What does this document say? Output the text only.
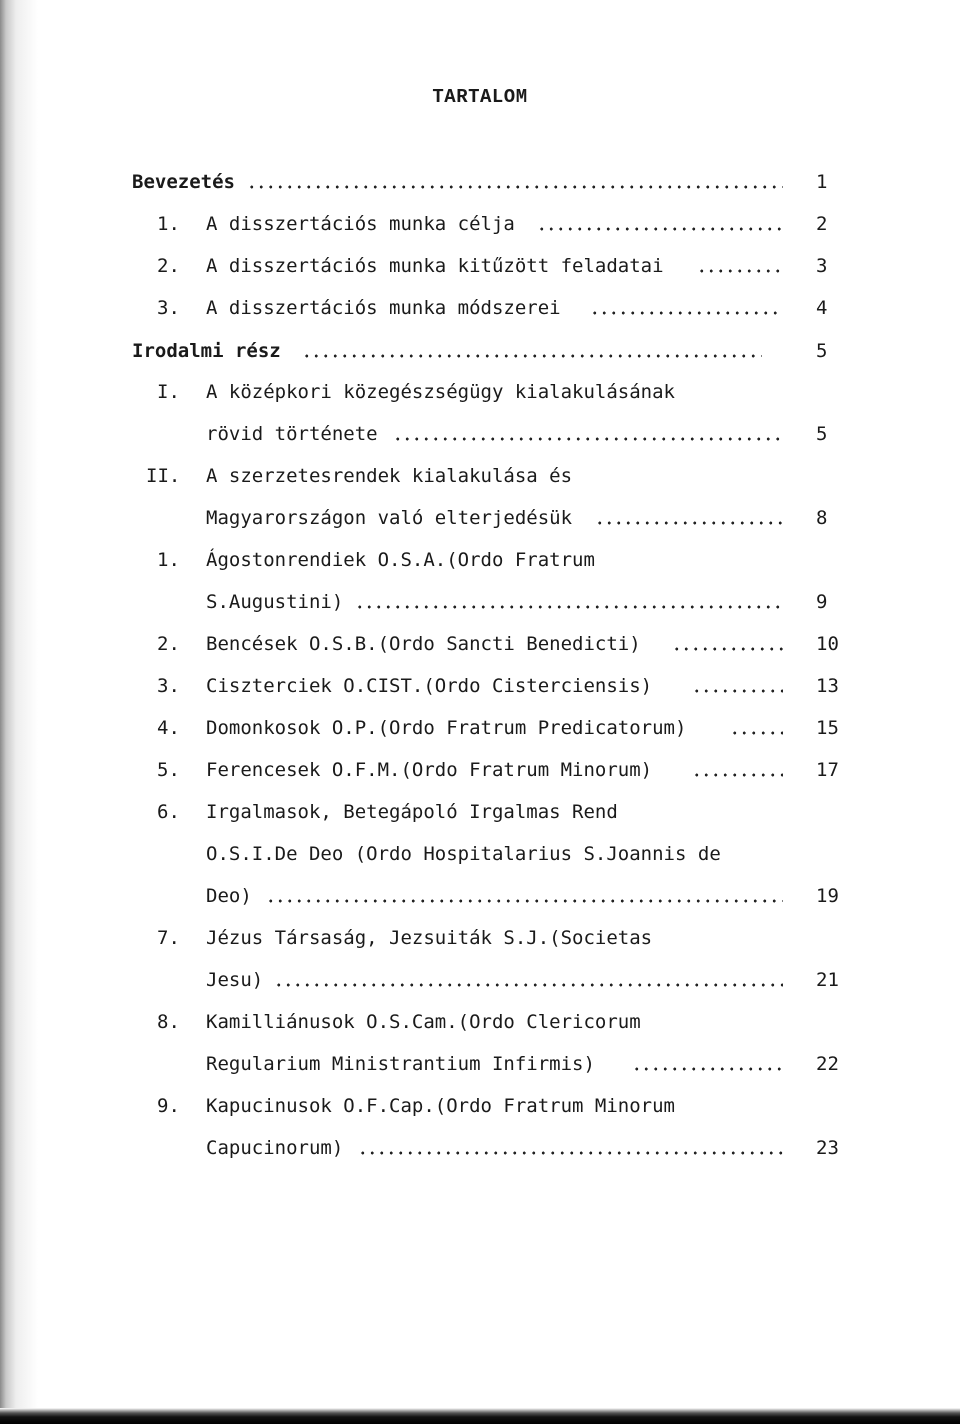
TARTALOM
Bevezetés	1
1. A disszertációs munka célja	2
2. A disszertációs munka kitűzött feladatai	3
3. A disszertációs munka módszerei	4
Irodalmi rész	5
I. A középkori közegészségügy kialakulásának
rövid története	5
II. A szerzetesrendek kialakulása és
Magyarországon való elterjedésük	8
1. Ágostonrendiek O.S.A.(Ordo Fratrum
S.Augustini)	9
2. Bencések O.S.B.(Ordo Sancti Benedicti)	10
3. Ciszterciek O.CIST.(Ordo Cisterciensis)	13
4. Domonkosok O.P.(Ordo Fratrum Predicatorum)	15
5. Ferencesek O.F.M.(Ordo Fratrum Minorum)	17
6. Irgalmasok, Betegápoló Irgalmas Rend
O.S.I.De Deo (Ordo Hospitalarius S.Joannis de
Deo)	19
7. Jézus Társaság, Jezsuiták S.J.(Societas
Jesu)	21
8. Kamilliánusok O.S.Cam.(Ordo Clericorum
Regularium Ministrantium Infirmis)	22
9. Kapucinusok O.F.Cap.(Ordo Fratrum Minorum
Capucinorum)	23
